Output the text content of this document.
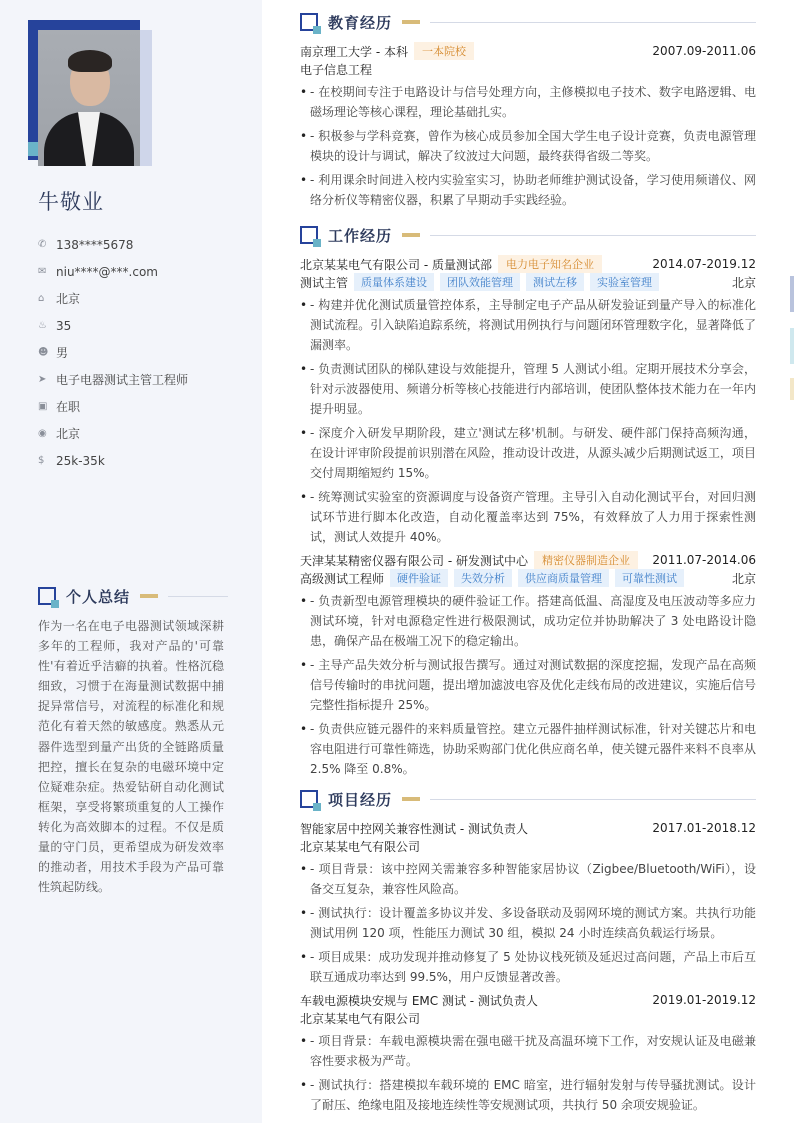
牛敬业
✆ 138****5678
✉ niu****@***.com
⌂ 北京
♨ 35
☻ 男
➤ 电子电器测试主管工程师
▣ 在职
◉ 北京
$ 25k-35k
个人总结
作为一名在电子电器测试领域深耕多年的工程师，我对产品的'可靠性'有着近乎洁癖的执着。性格沉稳细致，习惯于在海量测试数据中捕捉异常信号，对流程的标准化和规范化有着天然的敏感度。熟悉从元器件选型到量产出货的全链路质量把控，擅长在复杂的电磁环境中定位疑难杂症。热爱钻研自动化测试框架，享受将繁琐重复的人工操作转化为高效脚本的过程。不仅是质量的守门员，更希望成为研发效率的推动者，用技术手段为产品可靠性筑起防线。
教育经历
南京理工大学 - 本科	一本院校	2007.09-2011.06
电子信息工程
• - 在校期间专注于电路设计与信号处理方向，主修模拟电子技术、数字电路逻辑、电磁场理论等核心课程，理论基础扎实。
• - 积极参与学科竞赛，曾作为核心成员参加全国大学生电子设计竞赛，负责电源管理模块的设计与调试，解决了纹波过大问题，最终获得省级二等奖。
• - 利用课余时间进入校内实验室实习，协助老师维护测试设备，学习使用频谱仪、网络分析仪等精密仪器，积累了早期动手实践经验。
工作经历
北京某某电气有限公司 - 质量测试部	电力电子知名企业	2014.07-2019.12
测试主管	质量体系建设	团队效能管理	测试左移	实验室管理	北京
• - 构建并优化测试质量管控体系，主导制定电子产品从研发验证到量产导入的标准化测试流程。引入缺陷追踪系统，将测试用例执行与问题闭环管理数字化，显著降低了漏测率。
• - 负责测试团队的梯队建设与效能提升，管理 5 人测试小组。定期开展技术分享会，针对示波器使用、频谱分析等核心技能进行内部培训，使团队整体技术能力在一年内提升明显。
• - 深度介入研发早期阶段，建立'测试左移'机制。与研发、硬件部门保持高频沟通，在设计评审阶段提前识别潜在风险，推动设计改进，从源头减少后期测试返工，项目交付周期缩短约 15%。
• - 统筹测试实验室的资源调度与设备资产管理。主导引入自动化测试平台，对回归测试环节进行脚本化改造，自动化覆盖率达到 75%，有效释放了人力用于探索性测试，测试人效提升 40%。
天津某某精密仪器有限公司 - 研发测试中心	精密仪器制造企业	2011.07-2014.06
高级测试工程师	硬件验证	失效分析	供应商质量管理	可靠性测试	北京
• - 负责新型电源管理模块的硬件验证工作。搭建高低温、高湿度及电压波动等多应力测试环境，针对电源稳定性进行极限测试，成功定位并协助解决了 3 处电路设计隐患，确保产品在极端工况下的稳定输出。
• - 主导产品失效分析与测试报告撰写。通过对测试数据的深度挖掘，发现产品在高频信号传输时的串扰问题，提出增加滤波电容及优化走线布局的改进建议，实施后信号完整性指标提升 25%。
• - 负责供应链元器件的来料质量管控。建立元器件抽样测试标准，针对关键芯片和电容电阻进行可靠性筛选，协助采购部门优化供应商名单，使关键元器件来料不良率从 2.5% 降至 0.8%。
项目经历
智能家居中控网关兼容性测试 - 测试负责人	2017.01-2018.12
北京某某电气有限公司
• - 项目背景：该中控网关需兼容多种智能家居协议（Zigbee/Bluetooth/WiFi），设备交互复杂，兼容性风险高。
• - 测试执行：设计覆盖多协议并发、多设备联动及弱网环境的测试方案。共执行功能测试用例 120 项，性能压力测试 30 组，模拟 24 小时连续高负载运行场景。
• - 项目成果：成功发现并推动修复了 5 处协议栈死锁及延迟过高问题，产品上市后互联互通成功率达到 99.5%，用户反馈显著改善。
车载电源模块安规与 EMC 测试 - 测试负责人	2019.01-2019.12
北京某某电气有限公司
• - 项目背景：车载电源模块需在强电磁干扰及高温环境下工作，对安规认证及电磁兼容性要求极为严苛。
• - 测试执行：搭建模拟车载环境的 EMC 暗室，进行辐射发射与传导骚扰测试。设计了耐压、绝缘电阻及接地连续性等安规测试项，共执行 50 余项安规验证。
